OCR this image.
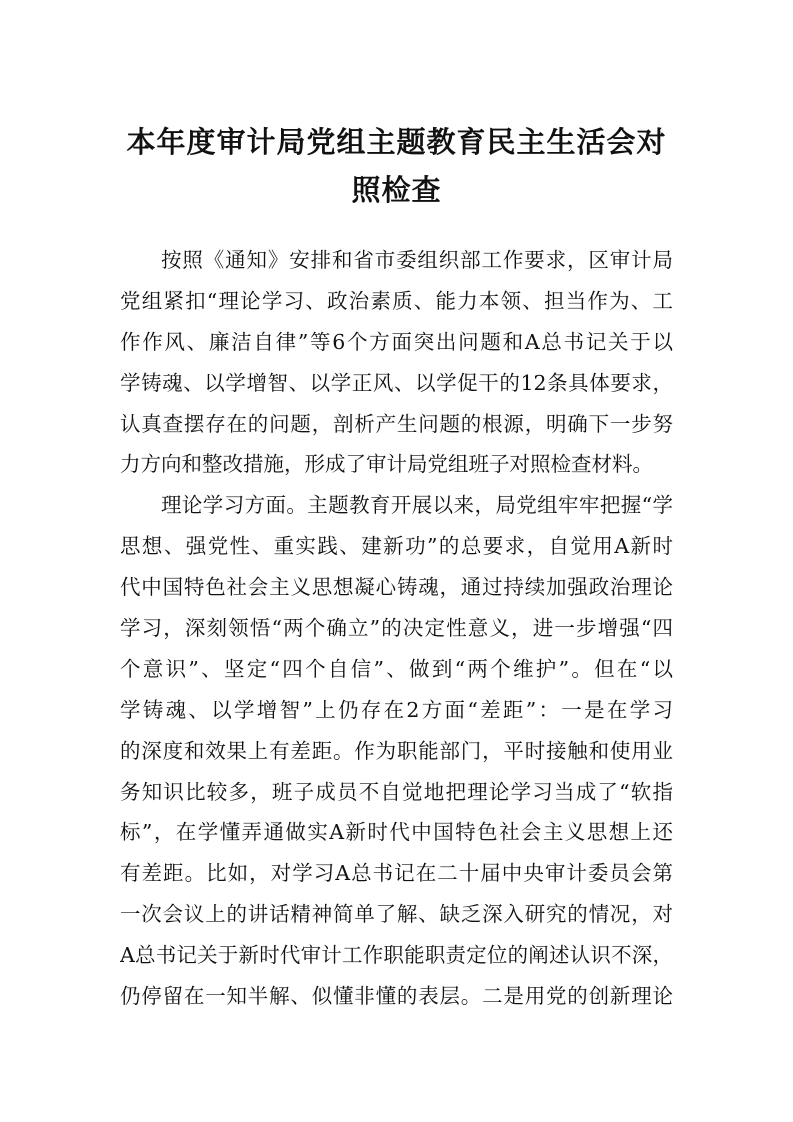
本年度审计局党组主题教育民主生活会对
照检查
按照《通知》安排和省市委组织部工作要求，区审计局
党组紧扣“理论学习、政治素质、能力本领、担当作为、工
作作风、廉洁自律”等6个方面突出问题和A总书记关于以
学铸魂、以学增智、以学正风、以学促干的12条具体要求，
认真查摆存在的问题，剖析产生问题的根源，明确下一步努
力方向和整改措施，形成了审计局党组班子对照检查材料。
理论学习方面。主题教育开展以来，局党组牢牢把握“学
思想、强党性、重实践、建新功”的总要求，自觉用A新时
代中国特色社会主义思想凝心铸魂，通过持续加强政治理论
学习，深刻领悟“两个确立”的决定性意义，进一步增强“四
个意识”、坚定“四个自信”、做到“两个维护”。但在“以
学铸魂、以学增智”上仍存在2方面“差距”：一是在学习
的深度和效果上有差距。作为职能部门，平时接触和使用业
务知识比较多，班子成员不自觉地把理论学习当成了“软指
标”，在学懂弄通做实A新时代中国特色社会主义思想上还
有差距。比如，对学习A总书记在二十届中央审计委员会第
一次会议上的讲话精神简单了解、缺乏深入研究的情况，对
A总书记关于新时代审计工作职能职责定位的阐述认识不深，
仍停留在一知半解、似懂非懂的表层。二是用党的创新理论
